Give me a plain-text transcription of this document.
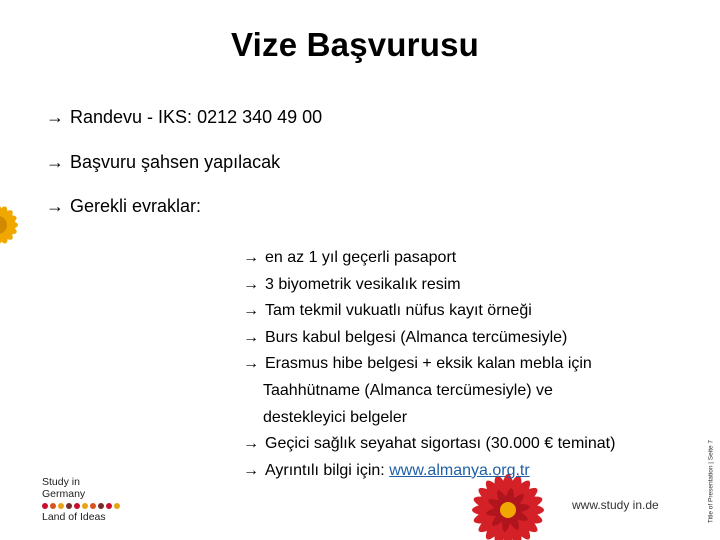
Vize Başvurusu
→ Randevu - IKS: 0212 340 49 00
→ Başvuru şahsen yapılacak
→ Gerekli evraklar:
→ en az 1 yıl geçerli pasaport
→ 3 biyometrik vesikalık resim
→ Tam tekmil vukuatlı nüfus kayıt örneği
→ Burs kabul belgesi (Almanca tercümesiyle)
→ Erasmus hibe belgesi + eksik kalan mebla için
Taahhütname (Almanca tercümesiyle) ve
destekleyici belgeler
→ Geçici sağlık seyahat sigortası (30.000 € teminat)
→ Ayrıntılı bilgi için: www.almanya.org.tr	Title of Presentation | Seite 7
Study in
Germany
Land of Ideas
www.study in.de
